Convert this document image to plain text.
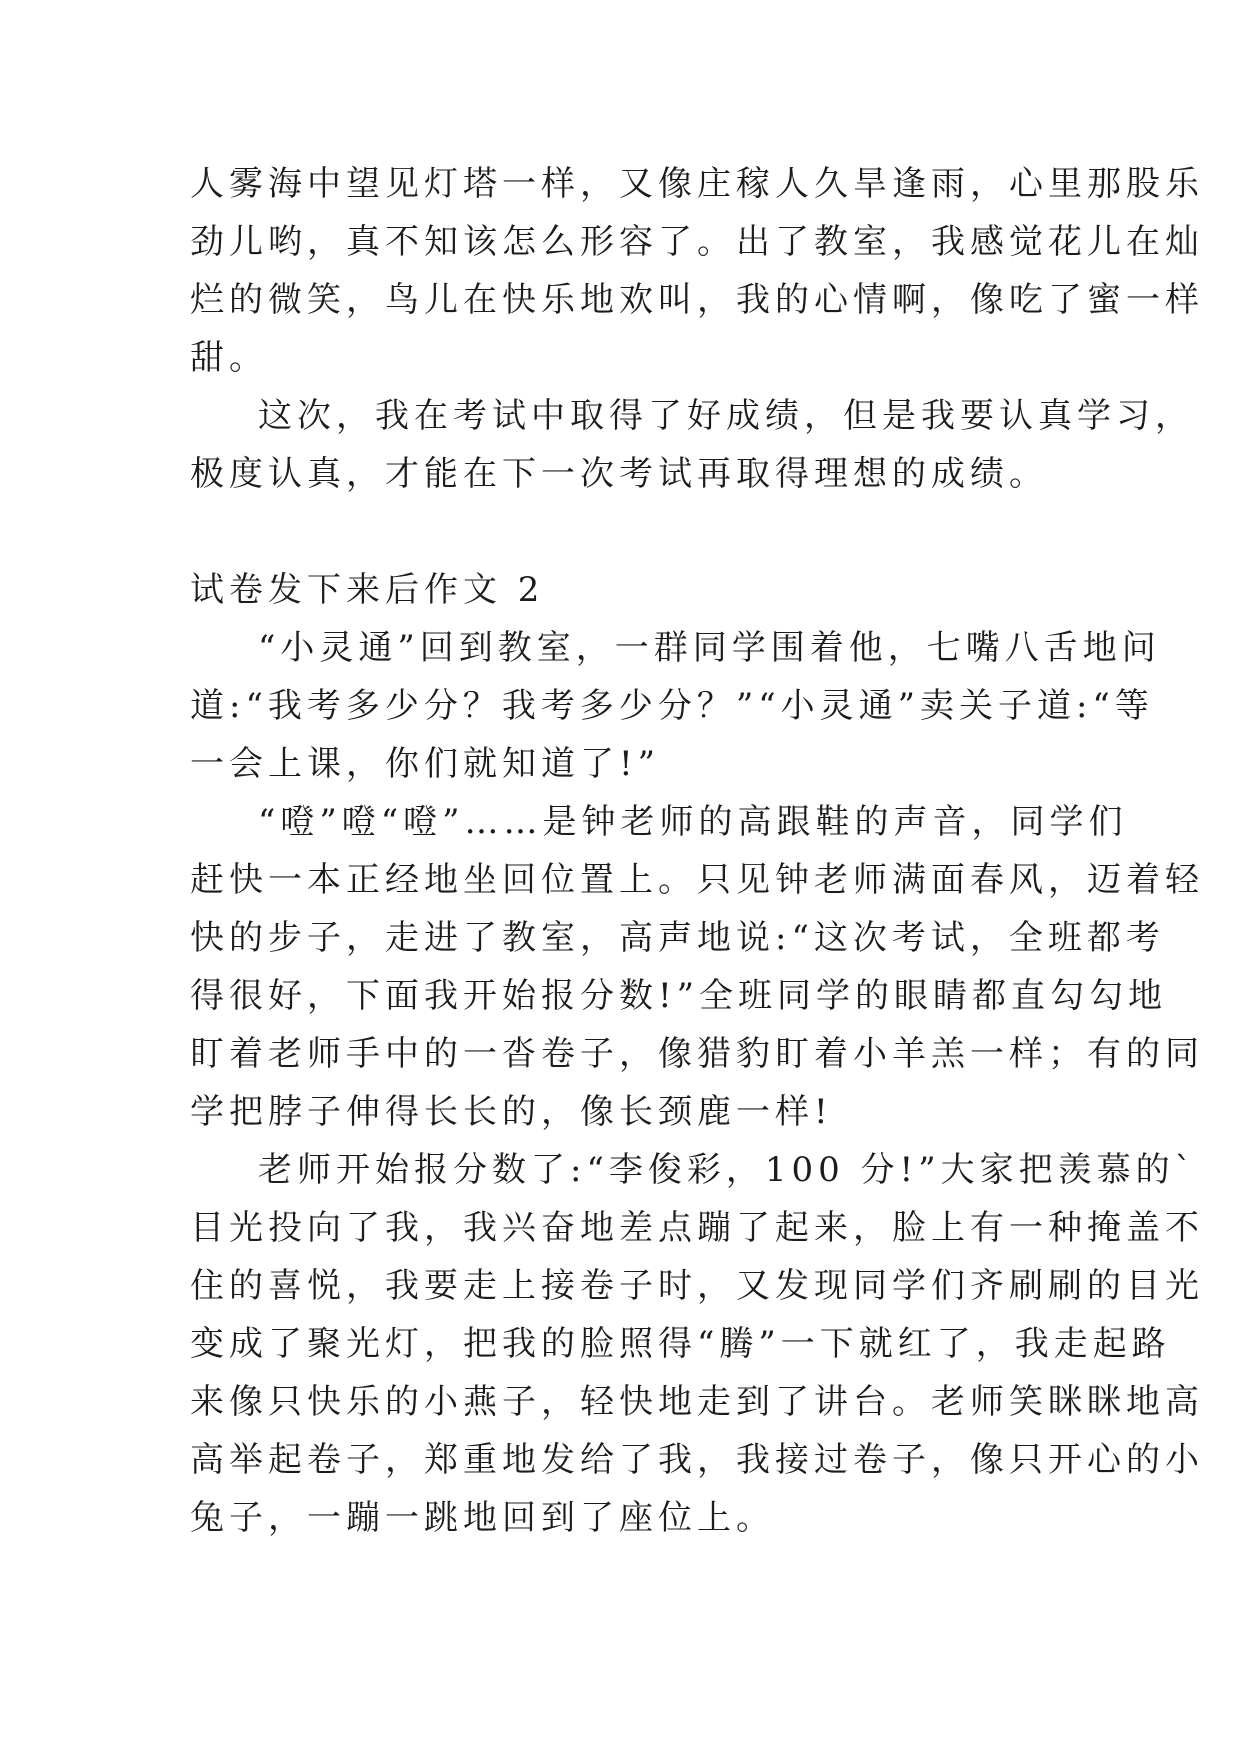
人雾海中望见灯塔一样，又像庄稼人久旱逢雨，心里那股乐
劲儿哟，真不知该怎么形容了。出了教室，我感觉花儿在灿
烂的微笑，鸟儿在快乐地欢叫，我的心情啊，像吃了蜜一样
甜。
这次，我在考试中取得了好成绩，但是我要认真学习，
极度认真，才能在下一次考试再取得理想的成绩。
试卷发下来后作文 2
“小灵通”回到教室，一群同学围着他，七嘴八舌地问
道:“我考多少分？我考多少分？”“小灵通”卖关子道:“等
一会上课，你们就知道了!”
“噔”噔“噔”……是钟老师的高跟鞋的声音，同学们
赶快一本正经地坐回位置上。只见钟老师满面春风，迈着轻
快的步子，走进了教室，高声地说:“这次考试，全班都考
得很好，下面我开始报分数!”全班同学的眼睛都直勾勾地
盯着老师手中的一沓卷子，像猎豹盯着小羊羔一样；有的同
学把脖子伸得长长的，像长颈鹿一样!
老师开始报分数了:“李俊彩，100 分!”大家把羡慕的`
目光投向了我，我兴奋地差点蹦了起来，脸上有一种掩盖不
住的喜悦，我要走上接卷子时，又发现同学们齐刷刷的目光
变成了聚光灯，把我的脸照得“腾”一下就红了，我走起路
来像只快乐的小燕子，轻快地走到了讲台。老师笑眯眯地高
高举起卷子，郑重地发给了我，我接过卷子，像只开心的小
兔子，一蹦一跳地回到了座位上。
